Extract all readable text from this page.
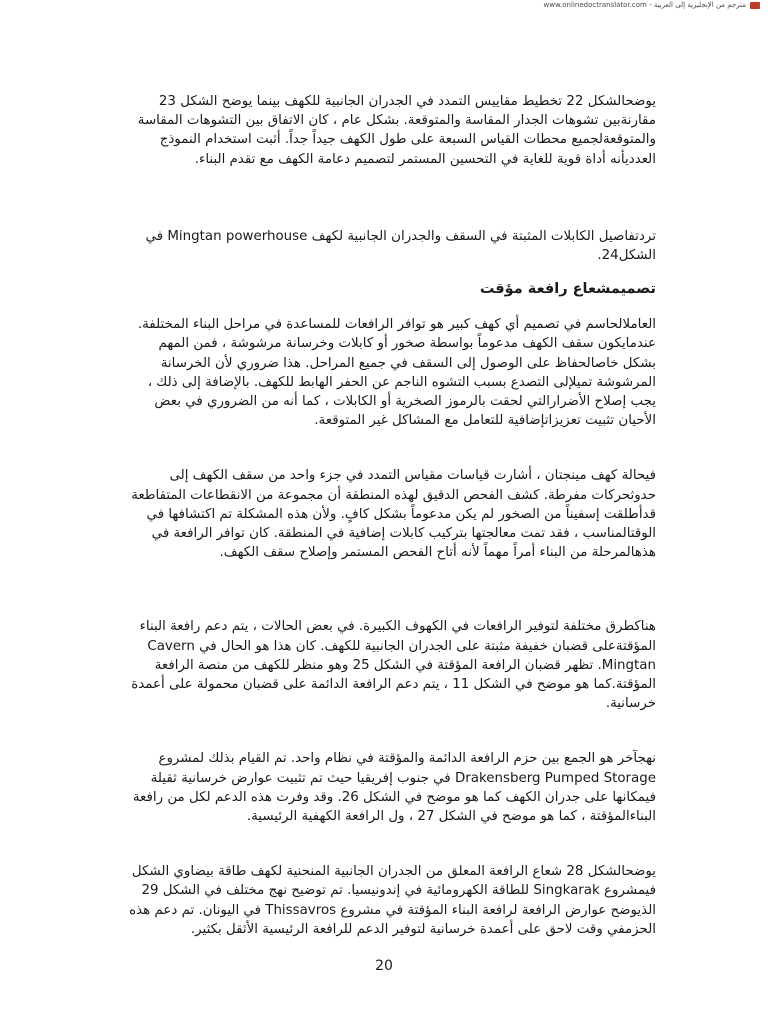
www.onlinedoctranslator.com - مترجم من الإنجليزية إلى العربية

يوضحالشكل 22 تخطيط مقاييس التمدد في الجدران الجانبية للكهف بينما يوضح الشكل 23 مقارنةبين تشوهات الجدار المقاسة والمتوقعة. بشكل عام ، كان الاتفاق بين التشوهات المقاسة والمتوقعةلجميع محطات القياس السبعة على طول الكهف جيداً جداً. أثبت استخدام النموذج العدديأنه أداة قوية للغاية في التحسين المستمر لتصميم دعامة الكهف مع تقدم البناء.

تردتفاصيل الكابلات المثبتة في السقف والجدران الجانبية لكهف Mingtan powerhouse في الشكل24.

تصميمشعاع رافعة مؤقت

العاملالحاسم في تصميم أي كهف كبير هو توافر الرافعات للمساعدة في مراحل البناء المختلفة. عندمايكون سقف الكهف مدعوماً بواسطة صخور أو كابلات وخرسانة مرشوشة ، فمن المهم بشكل خاصالحفاظ على الوصول إلى السقف في جميع المراحل. هذا ضروري لأن الخرسانة المرشوشة تميلإلى التصدع بسبب التشوه الناجم عن الحفر الهابط للكهف. بالإضافة إلى ذلك ، يجب إصلاح الأضرارالتي لحقت بالرموز الصخرية أو الكابلات ، كما أنه من الضروري في بعض الأحيان تثبيت تعزيزاتإضافية للتعامل مع المشاكل غير المتوقعة.

فيحالة كهف مينجتان ، أشارت قياسات مقياس التمدد في جزء واحد من سقف الكهف إلى حدوثحركات مفرطة. كشف الفحص الدقيق لهذه المنطقة أن مجموعة من الانقطاعات المتقاطعة قدأطلقت إسفيناً من الصخور لم يكن مدعوماً بشكل كافٍ. ولأن هذه المشكلة تم اكتشافها في الوقتالمناسب ، فقد تمت معالجتها بتركيب كابلات إضافية في المنطقة. كان توافر الرافعة في هذهالمرحلة من البناء أمراً مهماً لأنه أتاح الفحص المستمر وإصلاح سقف الكهف.

هناكطرق مختلفة لتوفير الرافعات في الكهوف الكبيرة. في بعض الحالات ، يتم دعم رافعة البناء المؤقتةعلى قضبان خفيفة مثبتة على الجدران الجانبية للكهف. كان هذا هو الحال في Cavern Mingtan. تظهر قضبان الرافعة المؤقتة في الشكل 25 وهو منظر للكهف من منصة الرافعة المؤقتة.كما هو موضح في الشكل 11 ، يتم دعم الرافعة الدائمة على قضبان محمولة على أعمدة خرسانية.

نهجآخر هو الجمع بين حزم الرافعة الدائمة والمؤقتة في نظام واحد. تم القيام بذلك لمشروع Drakensberg Pumped Storage في جنوب إفريقيا حيث تم تثبيت عوارض خرسانية ثقيلة فيمكانها على جدران الكهف كما هو موضح في الشكل 26. وقد وفرت هذه الدعم لكل من رافعة البناءالمؤقتة ، كما هو موضح في الشكل 27 ، ول الرافعة الكهفية الرئيسية.

يوضحالشكل 28 شعاع الرافعة المعلق من الجدران الجانبية المنحنية لكهف طاقة بيضاوي الشكل فيمشروع Singkarak للطاقة الكهرومائية في إندونيسيا. تم توضيح نهج مختلف في الشكل 29 الذيوضح عوارض الرافعة لرافعة البناء المؤقتة في مشروع Thissavros في اليونان. تم دعم هذه الحزمفي وقت لاحق على أعمدة خرسانية لتوفير الدعم للرافعة الرئيسية الأثقل بكثير.

20
